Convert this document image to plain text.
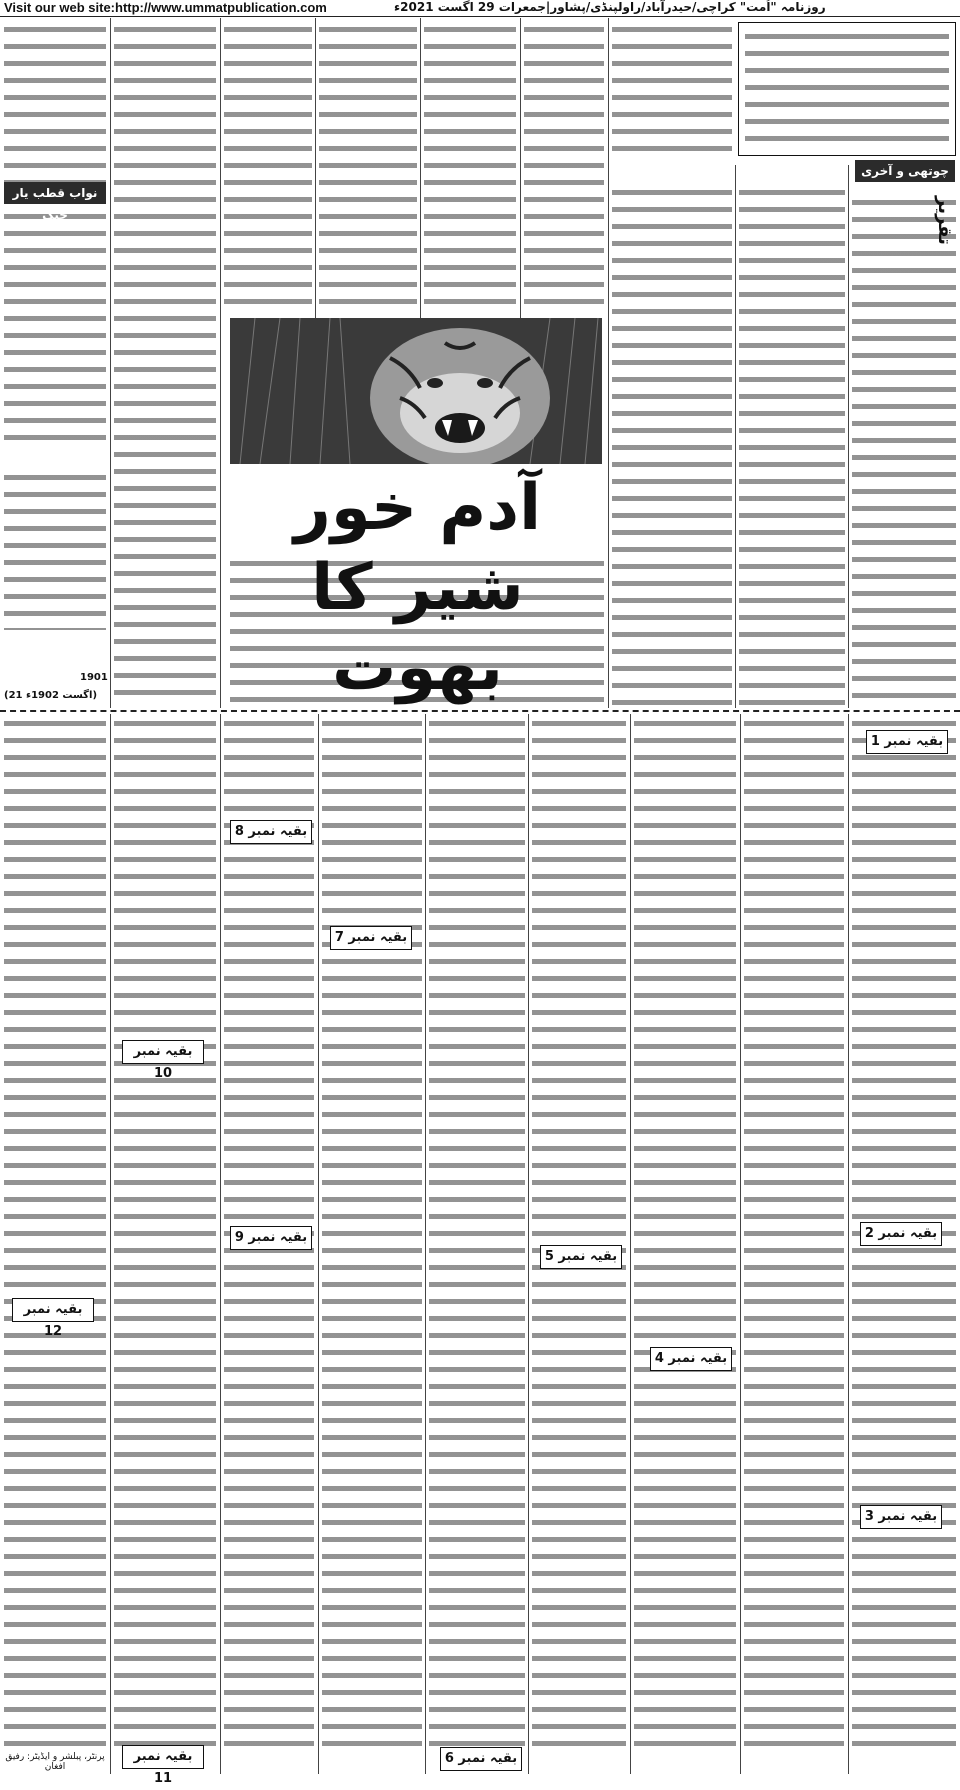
Visit our web site:http://www.ummatpublication.com	روزنامہ "اُمت" کراچی/حیدرآباد/راولپنڈی/پشاور|جمعرات 29 اگست 2021ء
چوتھی و آخری قسط
تقریر
نواب قطب یار جنگ
آدم خور شیر کا بھوت
(21 اگست 1902ء)
1901
بقیہ نمبر 1
بقیہ نمبر 2
بقیہ نمبر 3
بقیہ نمبر 4
بقیہ نمبر 5
بقیہ نمبر 6
بقیہ نمبر 7
بقیہ نمبر 8
بقیہ نمبر 9
بقیہ نمبر 10
بقیہ نمبر 11
بقیہ نمبر 12
پرنٹر، پبلشر و ایڈیٹر: رفیق افغان
